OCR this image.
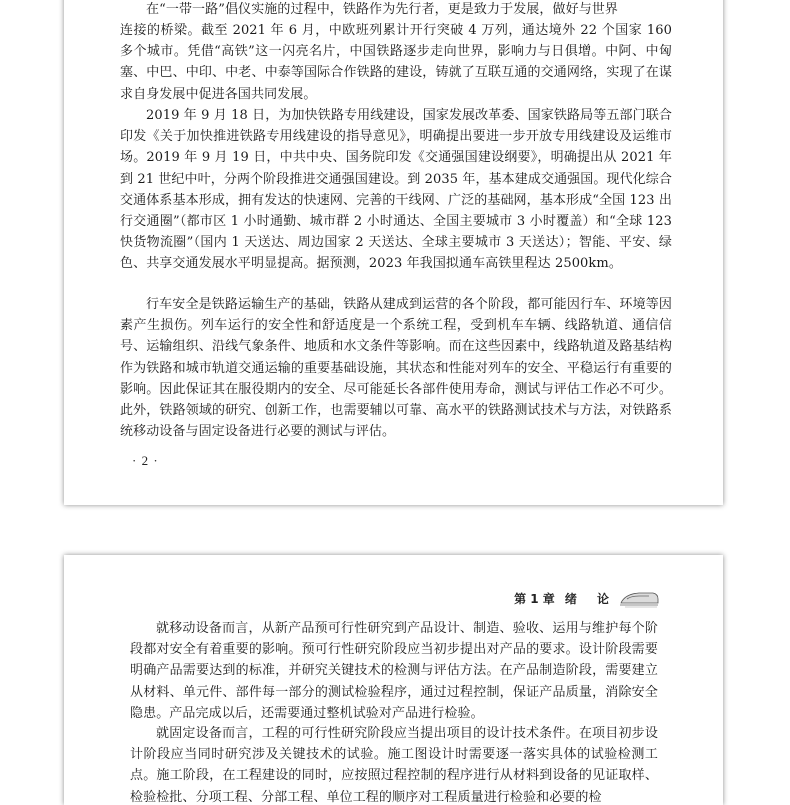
在“一带一路”倡仪实施的过程中，铁路作为先行者，更是致力于发展，做好与世界

连接的桥梁。截至 2021 年 6 月，中欧班列累计开行突破 4 万列，通达境外 22 个国家 160 多个城市。凭借“高铁”这一闪亮名片，中国铁路逐步走向世界，影响力与日俱增。中阿、中匈塞、中巴、中印、中老、中泰等国际合作铁路的建设，铸就了互联互通的交通网络，实现了在谋求自身发展中促进各国共同发展。

2019 年 9 月 18 日，为加快铁路专用线建设，国家发展改革委、国家铁路局等五部门联合印发《关于加快推进铁路专用线建设的指导意见》，明确提出要进一步开放专用线建设及运维市场。2019 年 9 月 19 日，中共中央、国务院印发《交通强国建设纲要》，明确提出从 2021 年到 21 世纪中叶，分两个阶段推进交通强国建设。到 2035 年，基本建成交通强国。现代化综合交通体系基本形成，拥有发达的快速网、完善的干线网、广泛的基础网，基本形成“全国 123 出行交通圈”（都市区 1 小时通勤、城市群 2 小时通达、全国主要城市 3 小时覆盖）和“全球 123 快货物流圈”（国内 1 天送达、周边国家 2 天送达、全球主要城市 3 天送达）；智能、平安、绿色、共享交通发展水平明显提高。据预测，2023 年我国拟通车高铁里程达 2500km。

行车安全是铁路运输生产的基础，铁路从建成到运营的各个阶段，都可能因行车、环境等因素产生损伤。列车运行的安全性和舒适度是一个系统工程，受到机车车辆、线路轨道、通信信号、运输组织、沿线气象条件、地质和水文条件等影响。而在这些因素中，线路轨道及路基结构作为铁路和城市轨道交通运输的重要基础设施，其状态和性能对列车的安全、平稳运行有重要的影响。因此保证其在服役期内的安全、尽可能延长各部件使用寿命，测试与评估工作必不可少。此外，铁路领域的研究、创新工作，也需要辅以可靠、高水平的铁路测试技术与方法，对铁路系统移动设备与固定设备进行必要的测试与评估。

· 2 ·
第 1 章 绪 论

就移动设备而言，从新产品预可行性研究到产品设计、制造、验收、运用与维护每个阶段都对安全有着重要的影响。预可行性研究阶段应当初步提出对产品的要求。设计阶段需要明确产品需要达到的标准，并研究关键技术的检测与评估方法。在产品制造阶段，需要建立从材料、单元件、部件每一部分的测试检验程序，通过过程控制，保证产品质量，消除安全隐患。产品完成以后，还需要通过整机试验对产品进行检验。

就固定设备而言，工程的可行性研究阶段应当提出项目的设计技术条件。在项目初步设计阶段应当同时研究涉及关键技术的试验。施工图设计时需要逐一落实具体的试验检测工点。施工阶段，在工程建设的同时，应按照过程控制的程序进行从材料到设备的见证取样、检验检批、分项工程、分部工程、单位工程的顺序对工程质量进行检验和必要的检
